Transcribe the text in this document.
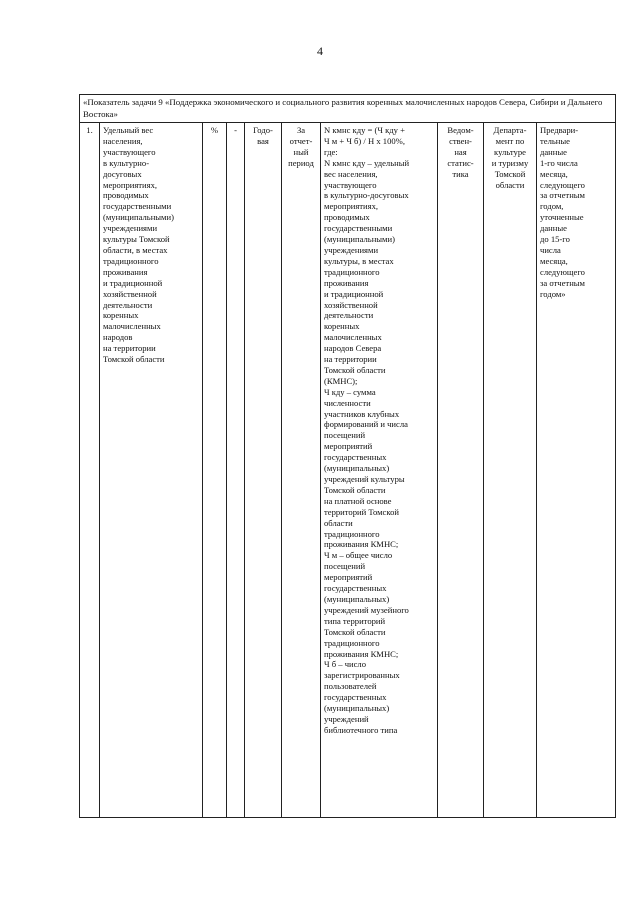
4
«Показатель задачи 9 «Поддержка экономического и социального развития коренных малочисленных народов Севера, Сибири и Дальнего Востока»
1.	Удельный вес
населения,
участвующего
в культурно-
досуговых
мероприятиях,
проводимых
государственными
(муниципальными)
учреждениями
культуры Томской
области, в местах
традиционного
проживания
и традиционной
хозяйственной
деятельности
коренных
малочисленных
народов
на территории
Томской области	%	-	Годо-
вая	За
отчет-
ный
период	N кмнс кду = (Ч кду +
Ч м + Ч б) / Н х 100%,
где:
N кмнс кду – удельный
вес населения,
участвующего
в культурно-досуговых
мероприятиях,
проводимых
государственными
(муниципальными)
учреждениями
культуры, в местах
традиционного
проживания
и традиционной
хозяйственной
деятельности
коренных
малочисленных
народов Севера
на территории
Томской области
(КМНС);
Ч кду – сумма
численности
участников клубных
формирований и числа
посещений
мероприятий
государственных
(муниципальных)
учреждений культуры
Томской области
на платной основе
территорий Томской
области
традиционного
проживания КМНС;
Ч м – общее число
посещений
мероприятий
государственных
(муниципальных)
учреждений музейного
типа территорий
Томской области
традиционного
проживания КМНС;
Ч б – число
зарегистрированных
пользователей
государственных
(муниципальных)
учреждений
библиотечного типа	Ведом-
ствен-
ная
статис-
тика	Департа-
мент по
культуре
и туризму
Томской
области	Предвари-
тельные
данные
1-го числа
месяца,
следующего
за отчетным
годом,
уточненные
данные
до 15-го
числа
месяца,
следующего
за отчетным
годом»
